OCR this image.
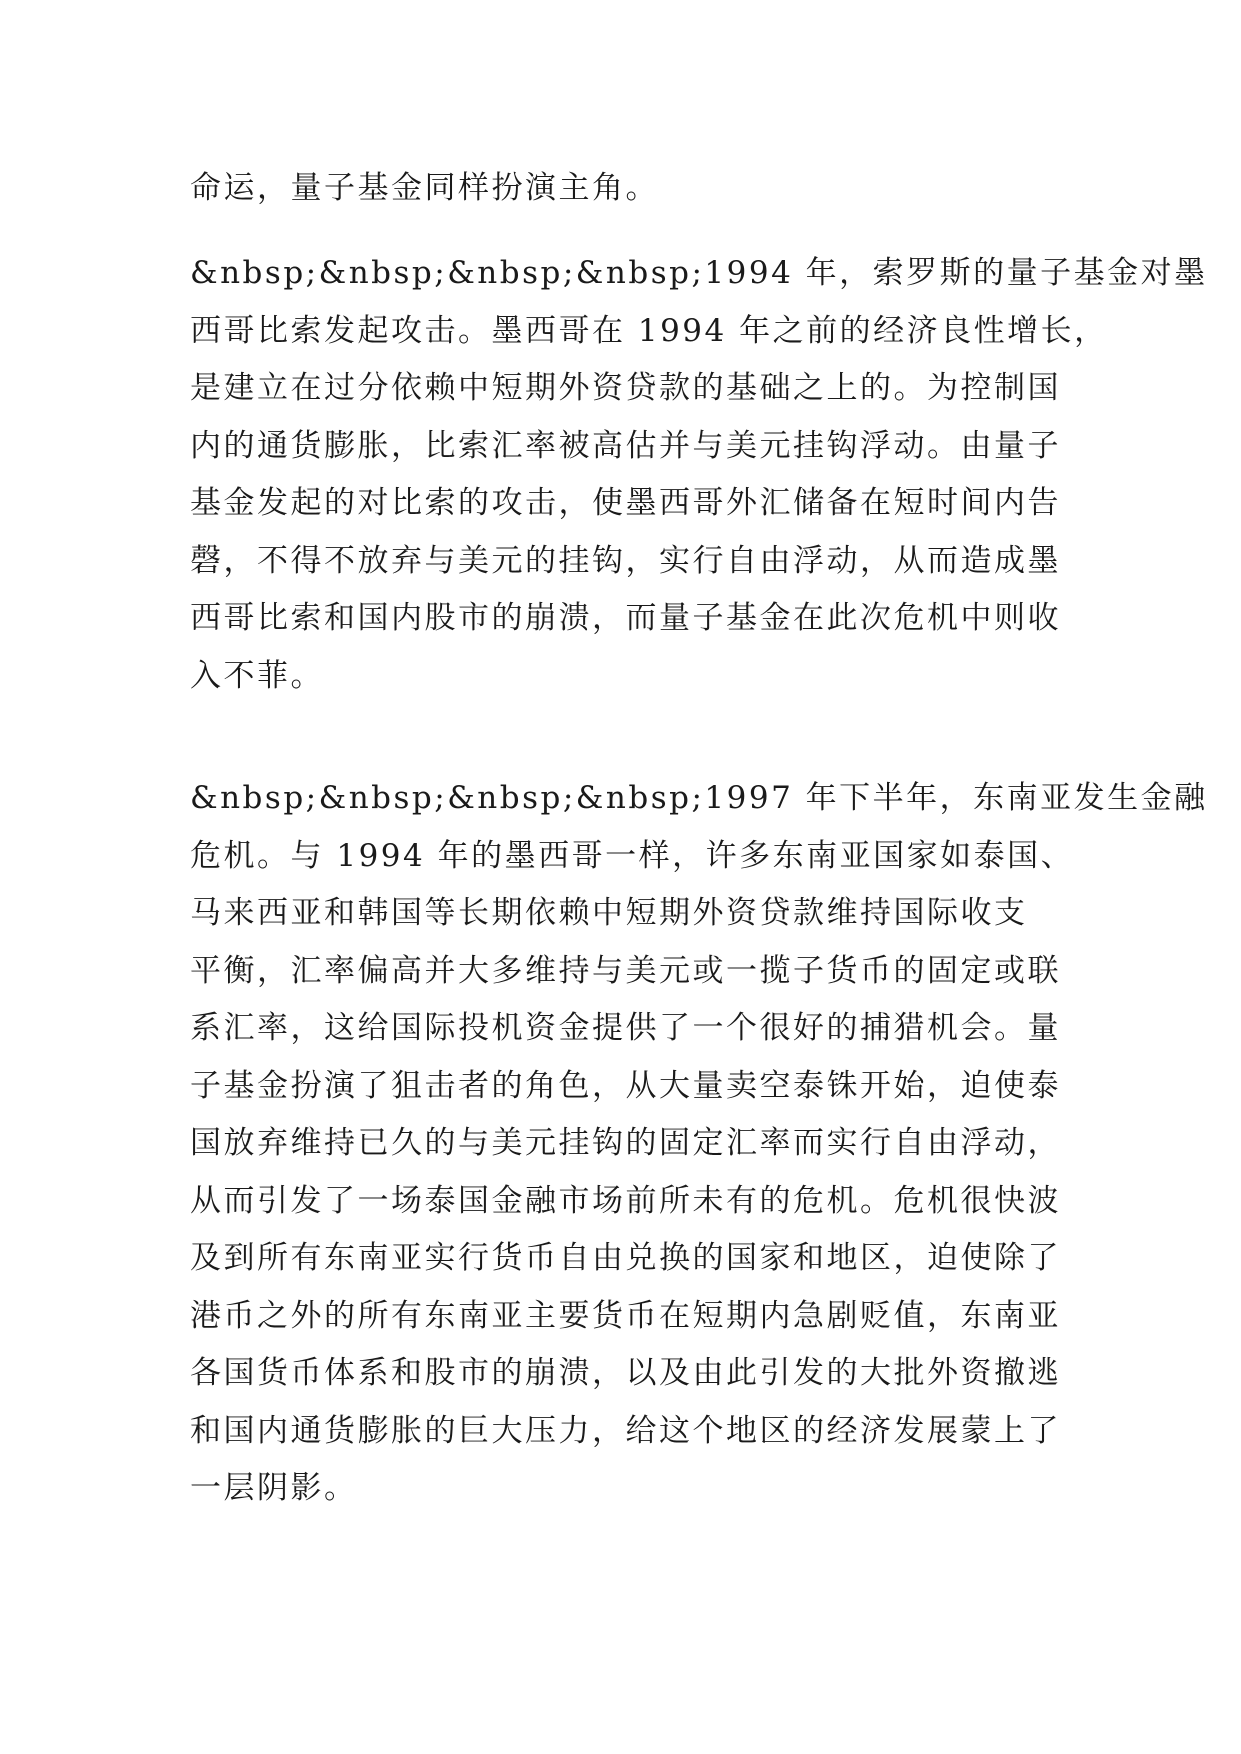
命运，量子基金同样扮演主角。

&nbsp;&nbsp;&nbsp;&nbsp;1994 年，索罗斯的量子基金对墨
西哥比索发起攻击。墨西哥在 1994 年之前的经济良性增长，
是建立在过分依赖中短期外资贷款的基础之上的。为控制国
内的通货膨胀，比索汇率被高估并与美元挂钩浮动。由量子
基金发起的对比索的攻击，使墨西哥外汇储备在短时间内告
磬，不得不放弃与美元的挂钩，实行自由浮动，从而造成墨
西哥比索和国内股市的崩溃，而量子基金在此次危机中则收
入不菲。

&nbsp;&nbsp;&nbsp;&nbsp;1997 年下半年，东南亚发生金融
危机。与 1994 年的墨西哥一样，许多东南亚国家如泰国、
马来西亚和韩国等长期依赖中短期外资贷款维持国际收支
平衡，汇率偏高并大多维持与美元或一揽子货币的固定或联
系汇率，这给国际投机资金提供了一个很好的捕猎机会。量
子基金扮演了狙击者的角色，从大量卖空泰铢开始，迫使泰
国放弃维持已久的与美元挂钩的固定汇率而实行自由浮动，
从而引发了一场泰国金融市场前所未有的危机。危机很快波
及到所有东南亚实行货币自由兑换的国家和地区，迫使除了
港币之外的所有东南亚主要货币在短期内急剧贬值，东南亚
各国货币体系和股市的崩溃，以及由此引发的大批外资撤逃
和国内通货膨胀的巨大压力，给这个地区的经济发展蒙上了
一层阴影。
